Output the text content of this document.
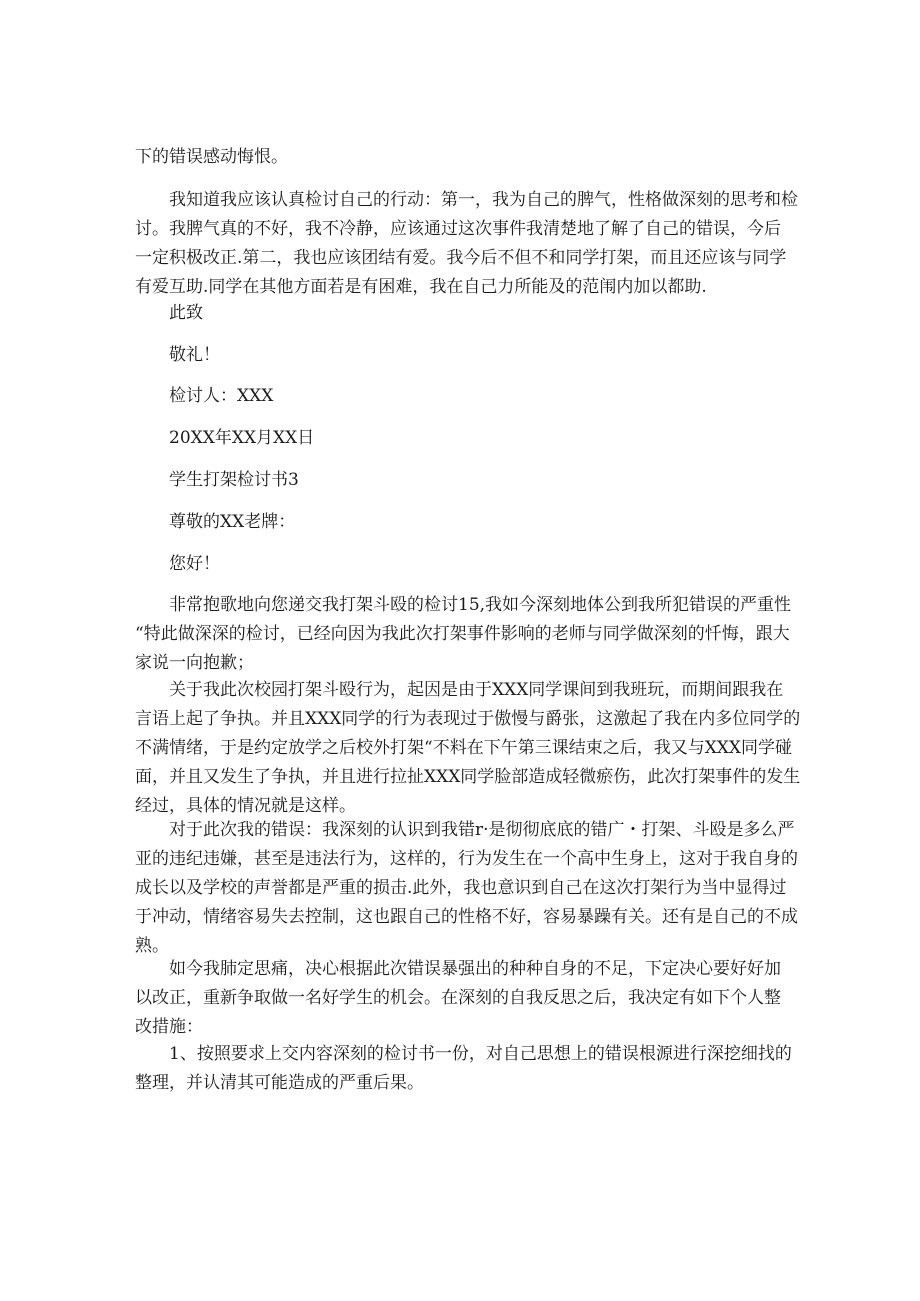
下的错误感动悔恨。

我知道我应该认真检讨自己的行动：第一，我为自己的脾气，性格做深刻的思考和检
讨。我脾气真的不好，我不冷静，应该通过这次事件我清楚地了解了自己的错误，今后
一定积极改正.第二，我也应该团结有爱。我今后不但不和同学打架，而且还应该与同学
有爱互助.同学在其他方面若是有困难，我在自己力所能及的范闱内加以都助.

此致

敬礼！

检讨人：XXX

20XX年XX月XX日

学生打架检讨书3

尊敬的XX老牌：

您好！

非常抱歌地向您递交我打架斗殴的检讨15,我如今深刻地体公到我所犯错误的严重性
“特此做深深的检讨，已经向因为我此次打架事件影响的老师与同学做深刻的忏悔，跟大
家说一向抱歉；

关于我此次校园打架斗殴行为，起因是由于XXX同学课间到我班玩，而期间跟我在
言语上起了争执。并且XXX同学的行为表现过于傲慢与爵张，这激起了我在内多位同学的
不满情绪，于是约定放学之后校外打架“不料在下午第三课结束之后，我又与XXX同学碰
面，并且又发生了争执，并且进行拉扯XXX同学脸部造成轻微瘀伤，此次打架事件的发生
经过，具体的情况就是这样。

对于此次我的错误：我深刻的认识到我错r·是彻彻底底的错广・打架、斗殴是多么严
亚的违纪违嫌，甚至是违法行为，这样的，行为发生在一个高中生身上，这对于我自身的
成长以及学校的声誉都是严重的损击.此外，我也意识到自己在这次打架行为当中显得过
于冲动，情绪容易失去控制，这也跟自己的性格不好，容易暴躁有关。还有是自己的不成
熟。

如今我肺定思痛，决心根据此次错误暴强出的种种自身的不足，下定决心要好好加
以改正，重新争取做一名好学生的机会。在深刻的自我反思之后，我决定有如下个人整
改措施：

1、按照要求上交内容深刻的检讨书一份，对自己思想上的错误根源进行深挖细找的
整理，并认清其可能造成的严重后果。
